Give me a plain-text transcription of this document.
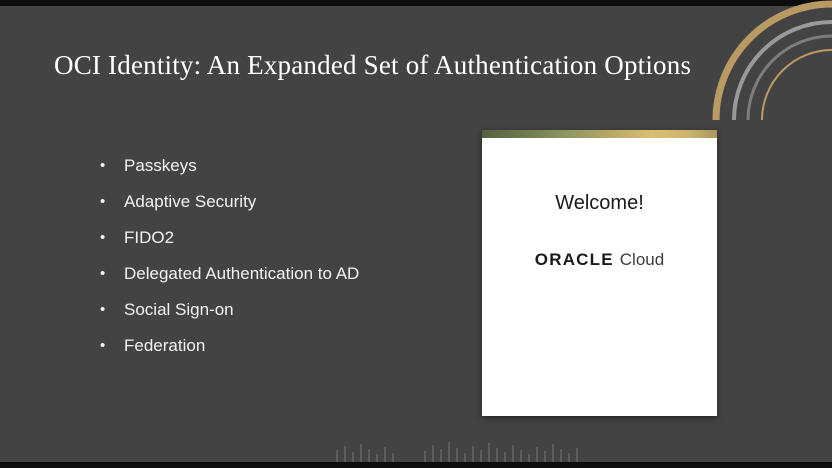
OCI Identity: An Expanded Set of Authentication Options
• Passkeys
• Adaptive Security
• FIDO2
• Delegated Authentication to AD
• Social Sign-on
• Federation
Welcome!
ORACLE Cloud
